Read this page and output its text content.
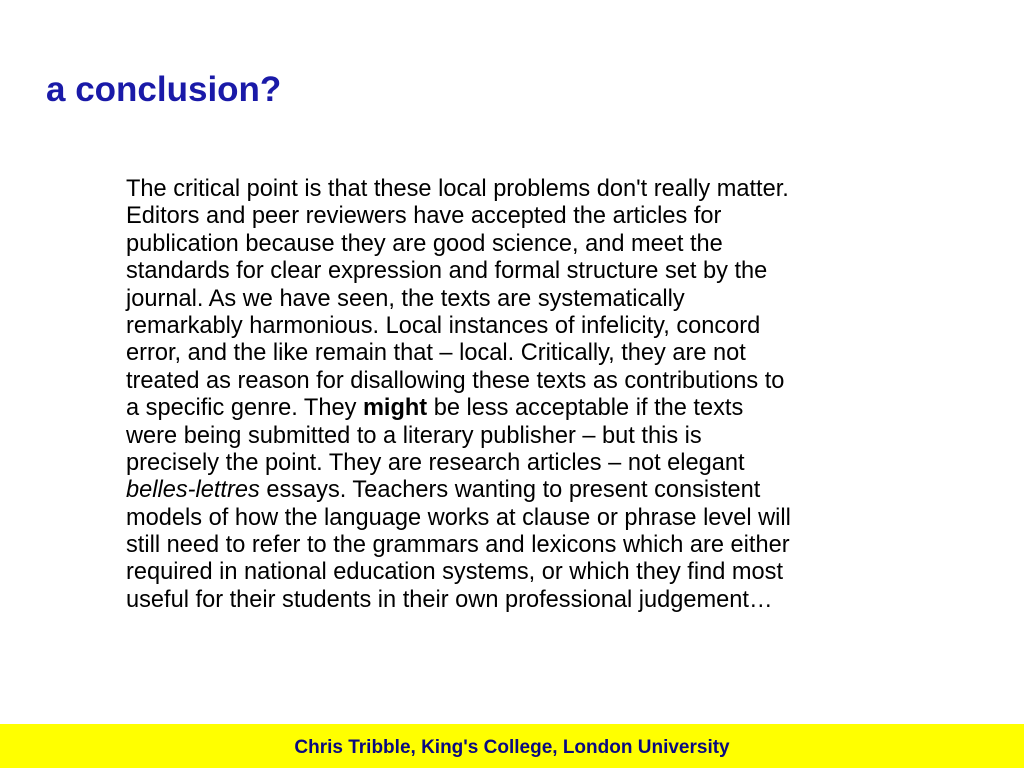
a conclusion?
The critical point is that these local problems don't really matter.
Editors and peer reviewers have accepted the articles for
publication because they are good science, and meet the
standards for clear expression and formal structure set by the
journal. As we have seen, the texts are systematically
remarkably harmonious. Local instances of infelicity, concord
error, and the like remain that – local. Critically, they are not
treated as reason for disallowing these texts as contributions to
a specific genre. They might be less acceptable if the texts
were being submitted to a literary publisher – but this is
precisely the point. They are research articles – not elegant
belles-lettres essays. Teachers wanting to present consistent
models of how the language works at clause or phrase level will
still need to refer to the grammars and lexicons which are either
required in national education systems, or which they find most
useful for their students in their own professional judgement…
Chris Tribble, King's College, London University
